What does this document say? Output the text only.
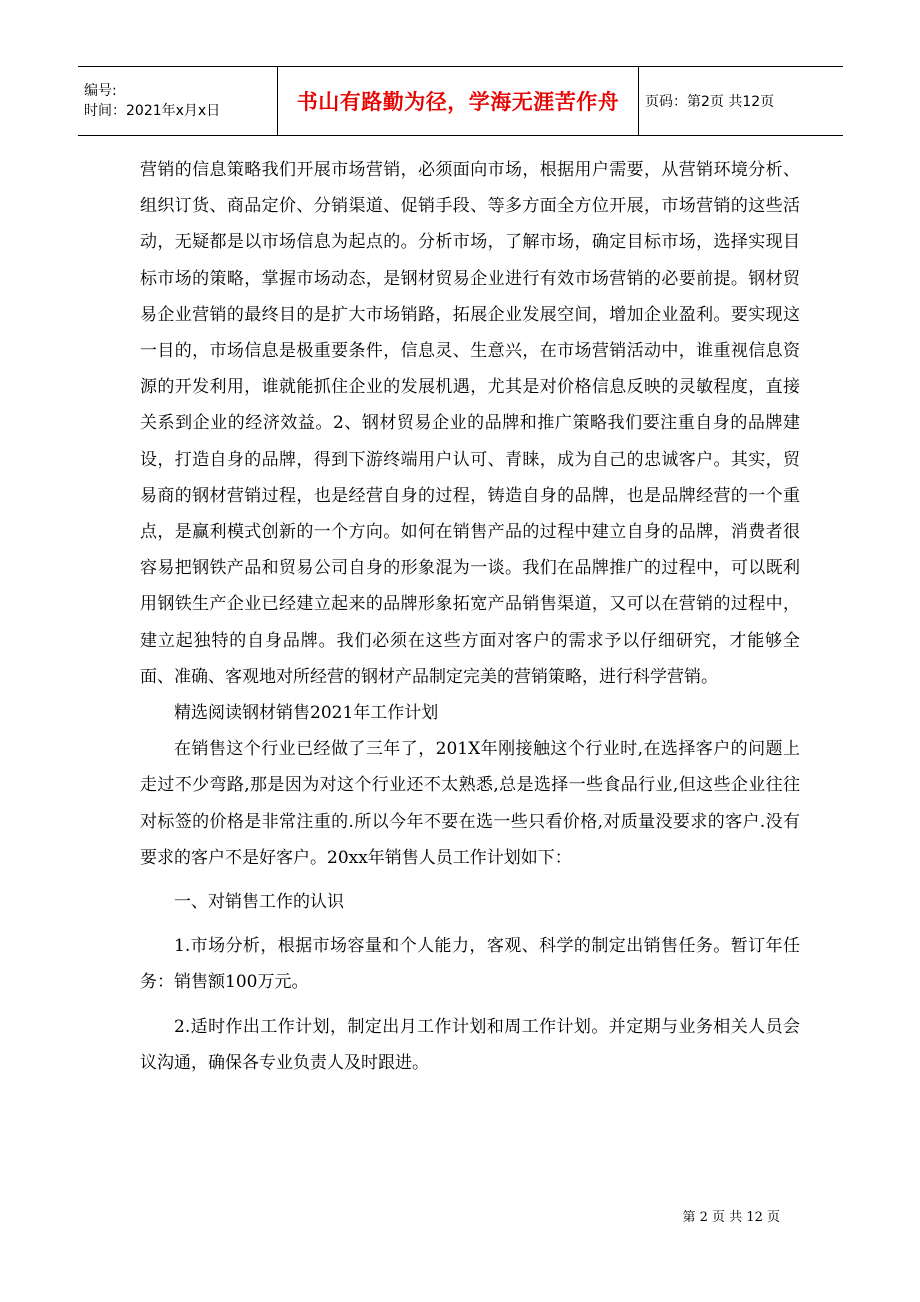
编号:
时间：2021年x月x日	书山有路勤为径，学海无涯苦作舟	页码：第2页 共12页

营销的信息策略我们开展市场营销，必须面向市场，根据用户需要，从营销环境分析、组织订货、商品定价、分销渠道、促销手段、等多方面全方位开展，市场营销的这些活动，无疑都是以市场信息为起点的。分析市场，了解市场，确定目标市场，选择实现目标市场的策略，掌握市场动态，是钢材贸易企业进行有效市场营销的必要前提。钢材贸易企业营销的最终目的是扩大市场销路，拓展企业发展空间，增加企业盈利。要实现这一目的，市场信息是极重要条件，信息灵、生意兴，在市场营销活动中，谁重视信息资源的开发利用，谁就能抓住企业的发展机遇，尤其是对价格信息反映的灵敏程度，直接关系到企业的经济效益。2、钢材贸易企业的品牌和推广策略我们要注重自身的品牌建设，打造自身的品牌，得到下游终端用户认可、青睐，成为自己的忠诚客户。其实，贸易商的钢材营销过程，也是经营自身的过程，铸造自身的品牌，也是品牌经营的一个重点，是赢利模式创新的一个方向。如何在销售产品的过程中建立自身的品牌，消费者很容易把钢铁产品和贸易公司自身的形象混为一谈。我们在品牌推广的过程中，可以既利用钢铁生产企业已经建立起来的品牌形象拓宽产品销售渠道，又可以在营销的过程中，建立起独特的自身品牌。我们必须在这些方面对客户的需求予以仔细研究，才能够全面、准确、客观地对所经营的钢材产品制定完美的营销策略，进行科学营销。

精选阅读钢材销售2021年工作计划

在销售这个行业已经做了三年了，201X年刚接触这个行业时,在选择客户的问题上走过不少弯路,那是因为对这个行业还不太熟悉,总是选择一些食品行业,但这些企业往往对标签的价格是非常注重的.所以今年不要在选一些只看价格,对质量没要求的客户.没有要求的客户不是好客户。20xx年销售人员工作计划如下：

一、对销售工作的认识

1.市场分析，根据市场容量和个人能力，客观、科学的制定出销售任务。暂订年任务：销售额100万元。

2.适时作出工作计划，制定出月工作计划和周工作计划。并定期与业务相关人员会议沟通，确保各专业负责人及时跟进。

第 2 页 共 12 页
